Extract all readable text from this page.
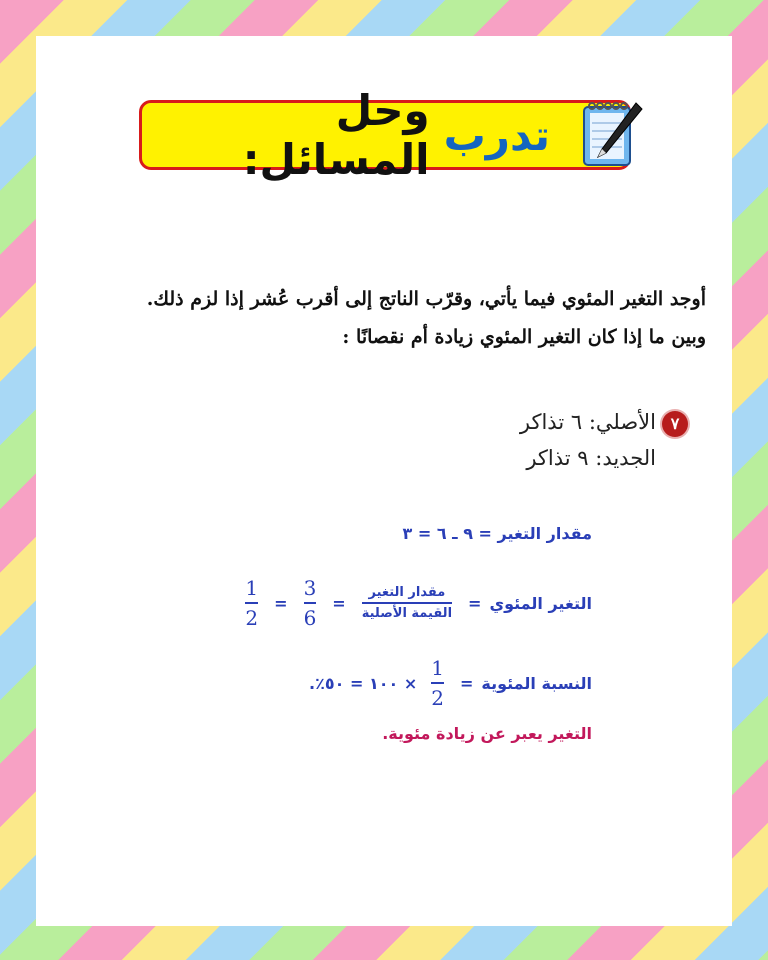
تدرب
وحل المسائل:
أوجد التغير المئوي فيما يأتي، وقرّب الناتج إلى أقرب عُشر إذا لزم ذلك. وبين ما إذا كان التغير المئوي زيادة أم نقصانًا :
٧الأصلي: ٦ تذاكر
الجديد: ٩ تذاكر
مقدار التغير = ٩ ـ ٦ = ٣
التغير المئوي
=
$\frac{\text{مقدار التغير}}{\text{القيمة الأصلية}}$
=
$\frac{3}{6}$
=
$\frac{1}{2}$
النسبة المئوية
=
$\frac{1}{2}$
× ١٠٠ = ٥٠٪.
التغير يعبر عن زيادة مئوية.
